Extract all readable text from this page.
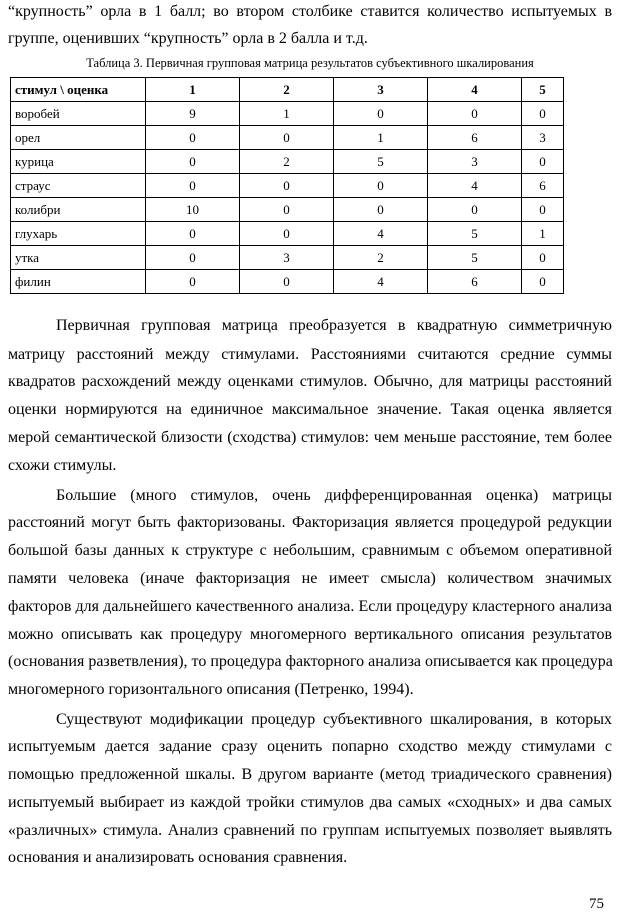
“крупность” орла в 1 балл; во втором столбике ставится количество испытуемых в
группе, оценивших “крупность” орла в 2 балла и т.д.
Таблица 3. Первичная групповая матрица результатов субъективного шкалирования
стимул \ оценка	1	2	3	4	5
воробей	9	1	0	0	0
орел	0	0	1	6	3
курица	0	2	5	3	0
страус	0	0	0	4	6
колибри	10	0	0	0	0
глухарь	0	0	4	5	1
утка	0	3	2	5	0
филин	0	0	4	6	0
Первичная групповая матрица преобразуется в квадратную симметричную
матрицу расстояний между стимулами. Расстояниями считаются средние суммы
квадратов расхождений между оценками стимулов. Обычно, для матрицы расстояний
оценки нормируются на единичное максимальное значение. Такая оценка является
мерой семантической близости (сходства) стимулов: чем меньше расстояние, тем более
схожи стимулы.
Большие (много стимулов, очень дифференцированная оценка) матрицы
расстояний могут быть факторизованы. Факторизация является процедурой редукции
большой базы данных к структуре с небольшим, сравнимым с объемом оперативной
памяти человека (иначе факторизация не имеет смысла) количеством значимых
факторов для дальнейшего качественного анализа. Если процедуру кластерного анализа
можно описывать как процедуру многомерного вертикального описания результатов
(основания разветвления), то процедура факторного анализа описывается как процедура
многомерного горизонтального описания (Петренко, 1994).
Существуют модификации процедур субъективного шкалирования, в которых
испытуемым дается задание сразу оценить попарно сходство между стимулами с
помощью предложенной шкалы. В другом варианте (метод триадического сравнения)
испытуемый выбирает из каждой тройки стимулов два самых «сходных» и два самых
«различных» стимула. Анализ сравнений по группам испытуемых позволяет выявлять
основания и анализировать основания сравнения.
75
